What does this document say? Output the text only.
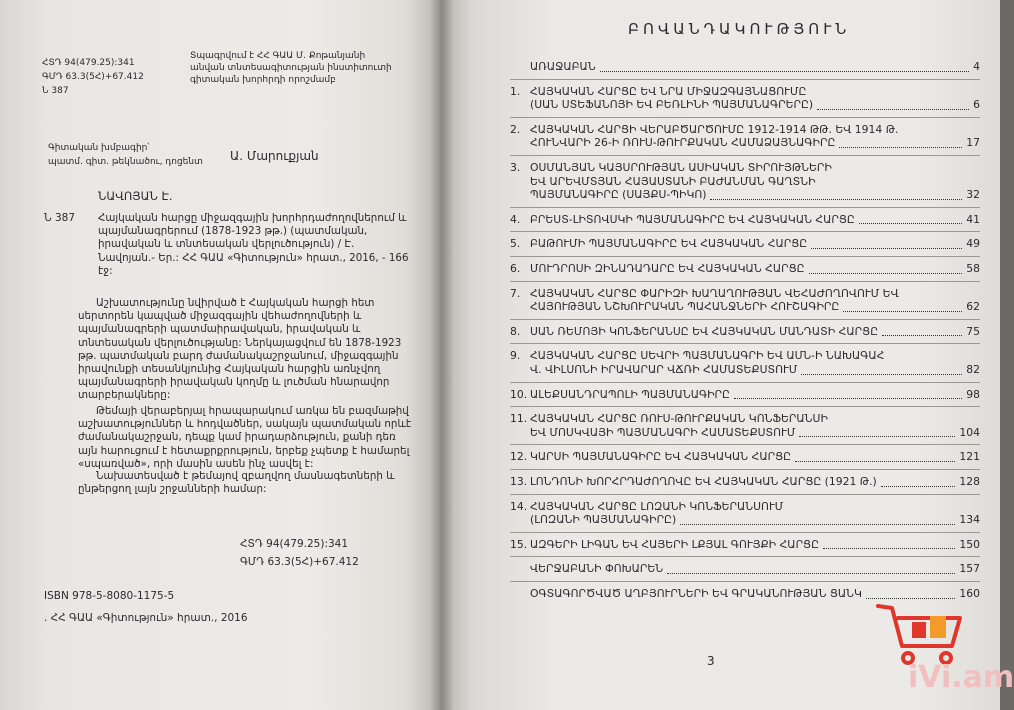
ՀՏԴ 94(479.25):341
ԳՄԴ 63.3(5Հ)+67.412
Ն 387
Տպագրվում է ՀՀ ԳԱԱ Մ. Քոթանյանի անվան տնտեսագիտության ինստիտուտի գիտական խորհրդի որոշմամբ
Գիտական խմբագիր՝
պատմ. գիտ. թեկնածու, դոցենտ Ա. Մարուքյան
ՆԱՎՈՅԱՆ Է.
Ն 387 Հայկական հարցը միջազգային խորհրդաժողովներում և պայմանագրերում (1878-1923 թթ.) (պատմական, իրավական և տնտեսական վերլուծություն) / Է. Նավոյան.- Եր.: ՀՀ ԳԱԱ «Գիտություն» հրատ., 2016, - 166 էջ:
Աշխատությունը նվիրված է Հայկական հարցի հետ սերտորեն կապված միջազգային վեհաժողովների և պայմանագրերի պատմաիրավական, իրավական և տնտեսական վերլուծությանը: Ներկայացվում են 1878-1923 թթ. պատմական բարդ ժամանակաշրջանում, միջազգային իրավունքի տեսանկյունից Հայկական հարցին առնչվող պայմանագրերի իրավական կողմը և լուծման հնարավոր տարբերակները:
Թեմայի վերաբերյալ հրապարակում առկա են բազմաթիվ աշխատություններ և հոդվածներ, սակայն պատմական որևէ ժամանակաշրջան, դեպք կամ իրադարձություն, քանի դեռ այն հարուցում է հետաքրքրություն, երբեք չպետք է համարել «սպառված», որի մասին ասեն ինչ ասվել է:
Նախատեսված է թեմայով զբաղվող մասնագետների և ընթերցող լայն շրջանների համար:
ՀՏԴ 94(479.25):341
ԳՄԴ 63.3(5Հ)+67.412
ISBN 978-5-8080-1175-5
. ՀՀ ԳԱԱ «Գիտություն» հրատ., 2016
ԲՈՎԱՆԴԱԿՈՒԹՅՈՒՆ
ԱՌԱՋԱԲԱՆ	4
1. ՀԱՅԿԱԿԱՆ ՀԱՐՑԸ ԵՎ ՆՐԱ ՄԻՋԱԶԳԱՅՆԱՑՈՒՄԸ
(ՍԱՆ ՍՏԵՖԱՆՈՅԻ ԵՎ ԲԵՌԼԻՆԻ ՊԱՅՄԱՆԱԳՐԵՐԸ)	6
2. ՀԱՅԿԱԿԱՆ ՀԱՐՑԻ ՎԵՐԱԲԾԱՐԾՈՒՄԸ 1912-1914 ԹԹ. ԵՎ 1914 Թ.
ՀՈՒՆՎԱՐԻ 26-Ի ՌՈՒՍ-ԹՈՒՐՔԱԿԱՆ ՀԱՄԱՁԱՅՆԱԳԻՐԸ	17
3. ՕՍՄԱՆՅԱՆ ԿԱՅՍՐՈՒԹՅԱՆ ԱՍԻԱԿԱՆ ՏԻՐՈՒՅԹՆԵՐԻ
ԵՎ ԱՐԵՎՄՏՅԱՆ ՀԱՅԱՍՏԱՆԻ ԲԱԺԱՆՄԱՆ ԳԱՂՏՆԻ
ՊԱՅՄԱՆԱԳԻՐԸ (ՍԱՅՔՍ-ՊԻԿՈ)	32
4. ԲՐԵՍՏ-ԼԻՏՈՎՍԿԻ ՊԱՅՄԱՆԱԳԻՐԸ ԵՎ ՀԱՅԿԱԿԱՆ ՀԱՐՑԸ	41
5. ԲԱԹՈՒՄԻ ՊԱՅՄԱՆԱԳԻՐԸ ԵՎ ՀԱՅԿԱԿԱՆ ՀԱՐՑԸ	49
6. ՄՈՒԴՐՈՍԻ ԶԻՆԱԴԱԴԱՐԸ ԵՎ ՀԱՅԿԱԿԱՆ ՀԱՐՑԸ	58
7. ՀԱՅԿԱԿԱՆ ՀԱՐՑԸ ՓԱՐԻԶԻ ԽԱՂԱՂՈՒԹՅԱՆ ՎԵՀԱԺՈՂՈՎՈՒՄ ԵՎ
ՀԱՅՈՒԹՅԱՆ ՆՇԽՈՒՐԱԿԱՆ ՊԱՀԱՆՋՆԵՐԻ ՀՈՒՇԱԳԻՐԸ	62
8. ՍԱՆ ՌԵՄՈՅԻ ԿՈՆՖԵՐԱՆՍԸ ԵՎ ՀԱՅԿԱԿԱՆ ՄԱՆԴԱՏԻ ՀԱՐՑԸ	75
9. ՀԱՅԿԱԿԱՆ ՀԱՐՑԸ ՍԵՎՐԻ ՊԱՅՄԱՆԱԳՐԻ ԵՎ ԱՄՆ-Ի ՆԱԽԱԳԱՀ
Վ. ՎԻԼՍՈՆԻ ԻՐԱՎԱՐԱՐ ՎՃՌԻ ՀԱՄԱՏԵՔՍՏՈՒՄ	82
10. ԱԼԵՔՍԱՆԴՐԱՊՈԼԻ ՊԱՅՄԱՆԱԳԻՐԸ	98
11. ՀԱՅԿԱԿԱՆ ՀԱՐՑԸ ՌՈՒՍ-ԹՈՒՐՔԱԿԱՆ ԿՈՆՖԵՐԱՆՍԻ
ԵՎ ՄՈՍԿՎԱՅԻ ՊԱՅՄԱՆԱԳՐԻ ՀԱՄԱՏԵՔՍՏՈՒՄ	104
12. ԿԱՐՍԻ ՊԱՅՄԱՆԱԳԻՐԸ ԵՎ ՀԱՅԿԱԿԱՆ ՀԱՐՑԸ	121
13. ԼՈՆԴՈՆԻ ԽՈՐՀՐԴԱԺՈՂՈՎԸ ԵՎ ՀԱՅԿԱԿԱՆ ՀԱՐՑԸ (1921 Թ.)	128
14. ՀԱՅԿԱԿԱՆ ՀԱՐՑԸ ԼՈԶԱՆԻ ԿՈՆՖԵՐԱՆՍՈՒՄ
(ԼՈԶԱՆԻ ՊԱՅՄԱՆԱԳԻՐԸ)	134
15. ԱԶԳԵՐԻ ԼԻԳԱՆ ԵՎ ՀԱՅԵՐԻ ԼՔՅԱԼ ԳՈՒՅՔԻ ՀԱՐՑԸ	150
ՎԵՐՋԱԲԱՆԻ ՓՈԽԱՐԵՆ	157
ՕԳՏԱԳՈՐԾՎԱԾ ԱՂԲՅՈՒՐՆԵՐԻ ԵՎ ԳՐԱԿԱՆՈՒԹՅԱՆ ՑԱՆԿ	160
3	iVi.am
